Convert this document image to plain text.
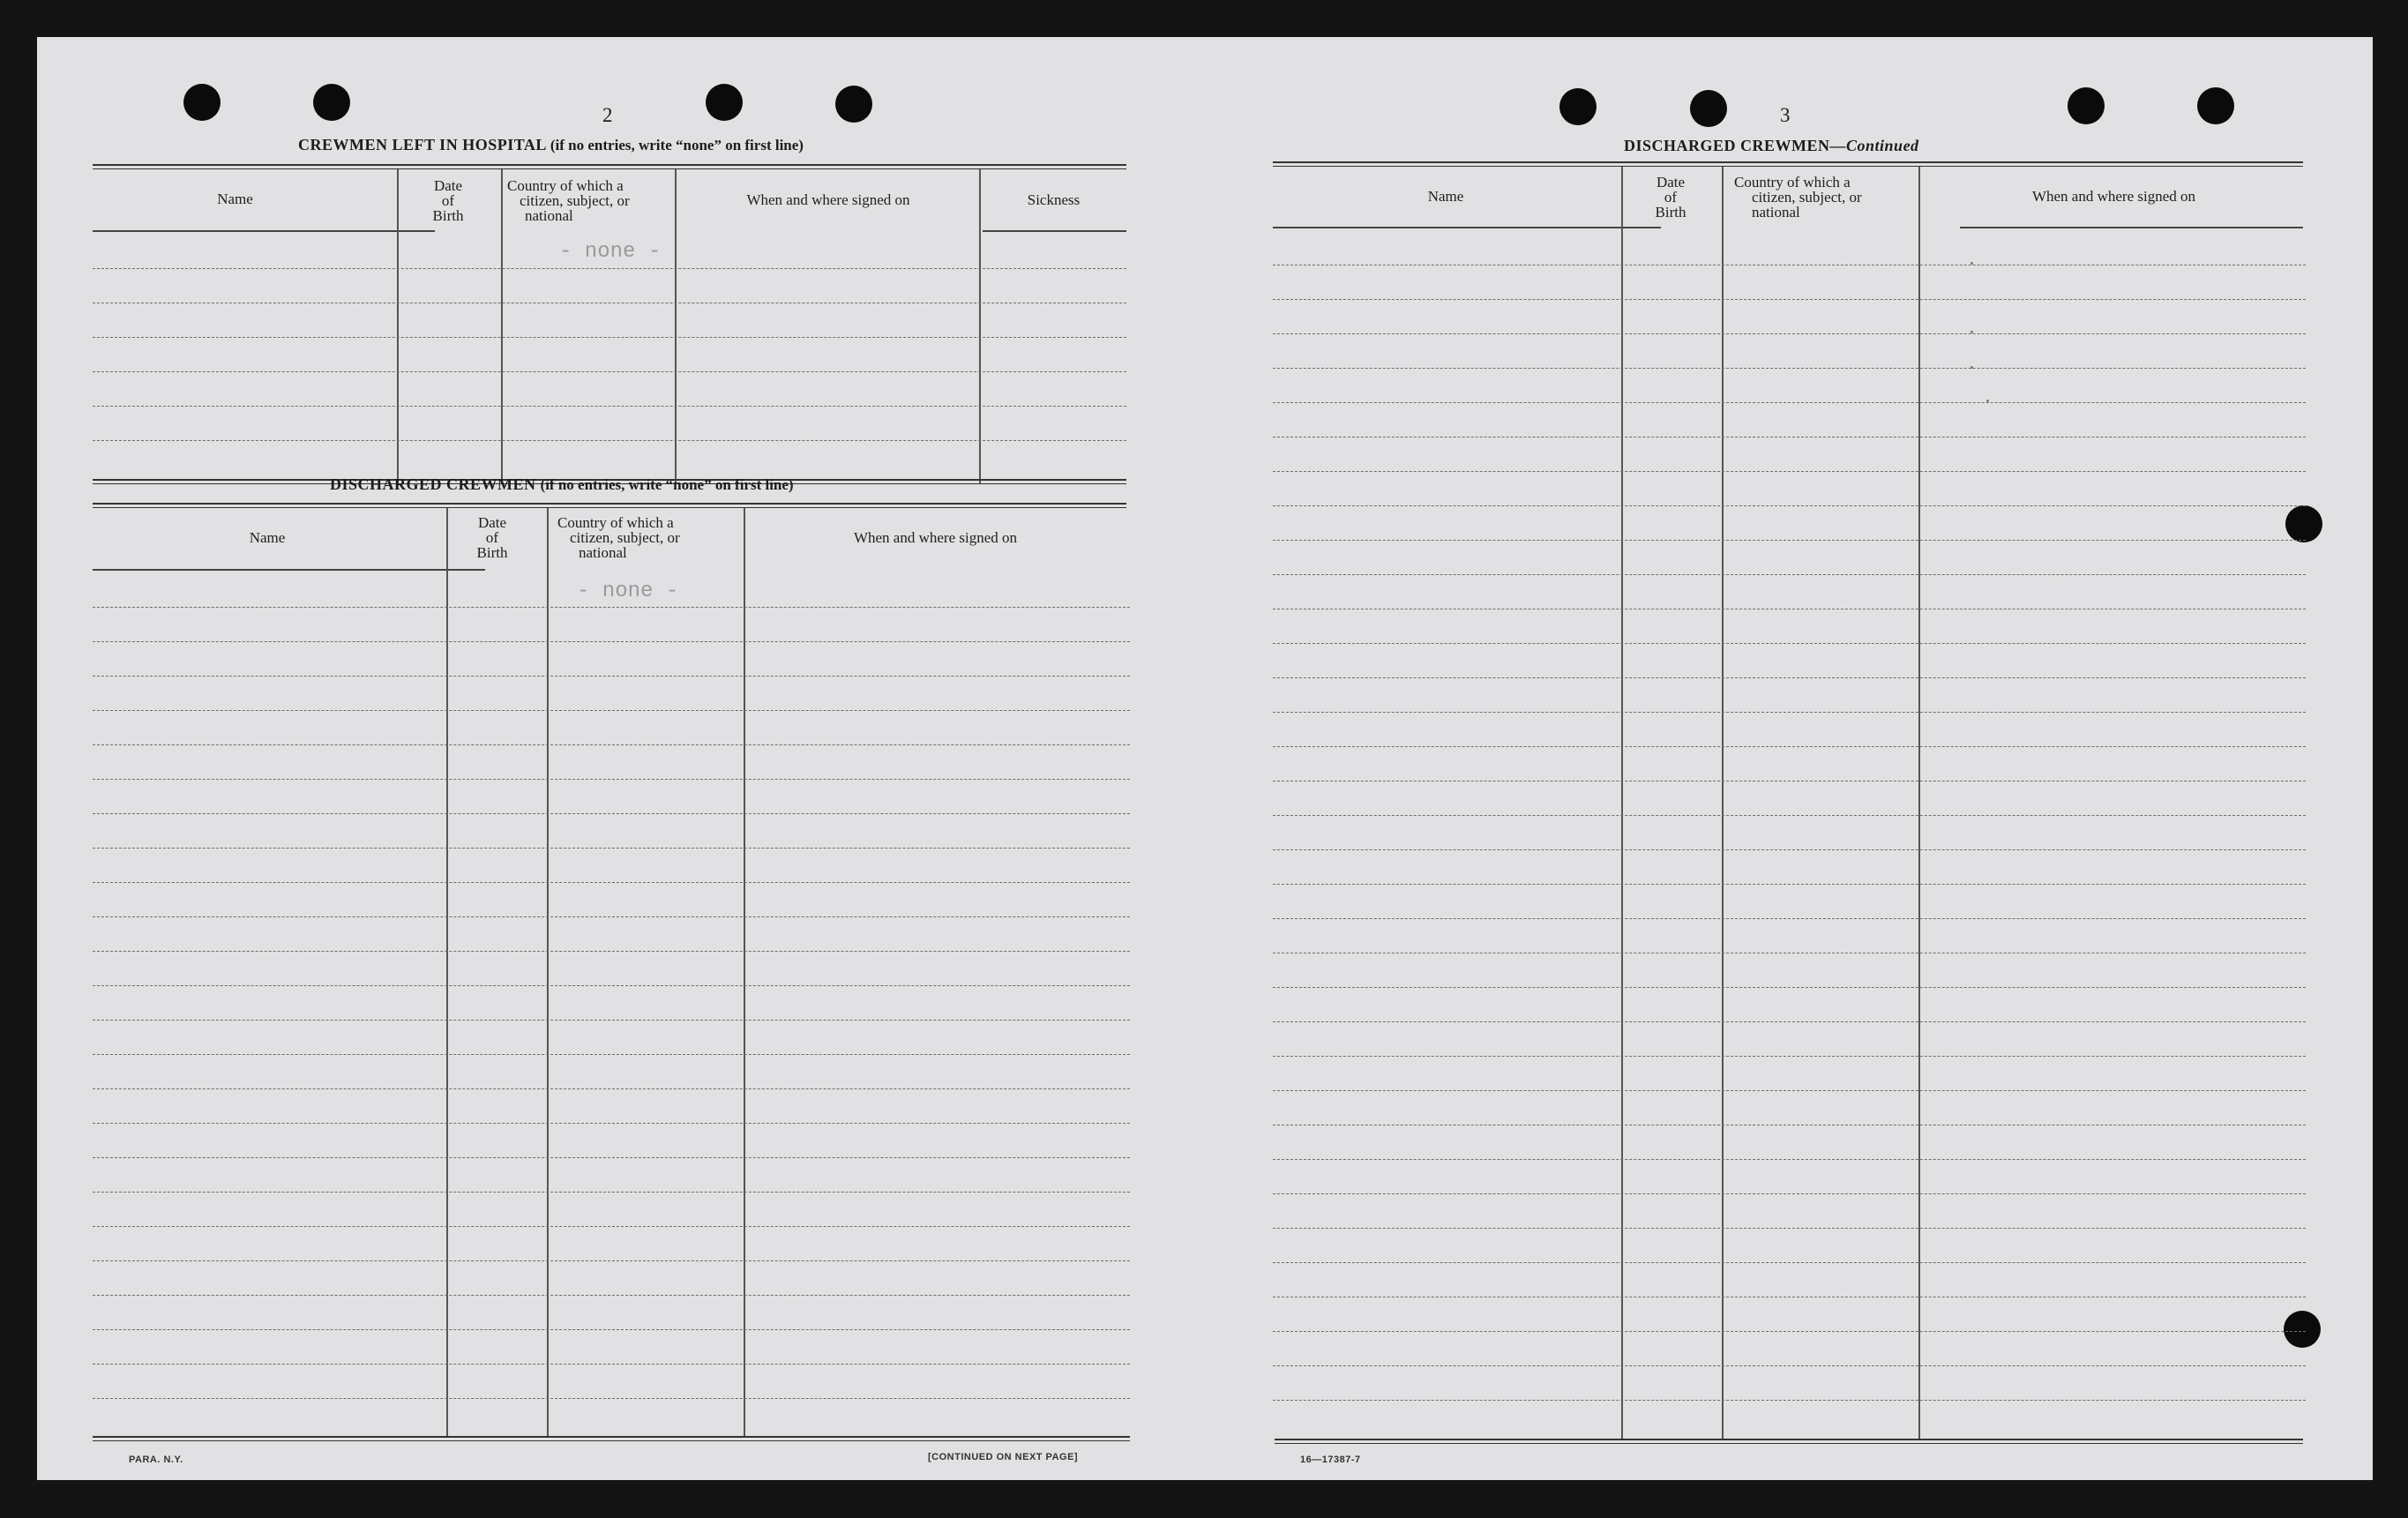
2
CREWMEN LEFT IN HOSPITAL (if no entries, write “none” on first line)
Name
Date
of
Birth
Country of which a
citizen, subject, or
national
When and where signed on	Sickness
- none -
DISCHARGED CREWMEN (if no entries, write “none” on first line)
Name
Date
of
Birth
Country of which a
citizen, subject, or
national
When and where signed on
- none -
PARA. N.Y.	[CONTINUED ON NEXT PAGE]
3
DISCHARGED CREWMEN—Continued
Name
Date
of
Birth
Country of which a
citizen, subject, or
national
When and where signed on
16—17387-7
